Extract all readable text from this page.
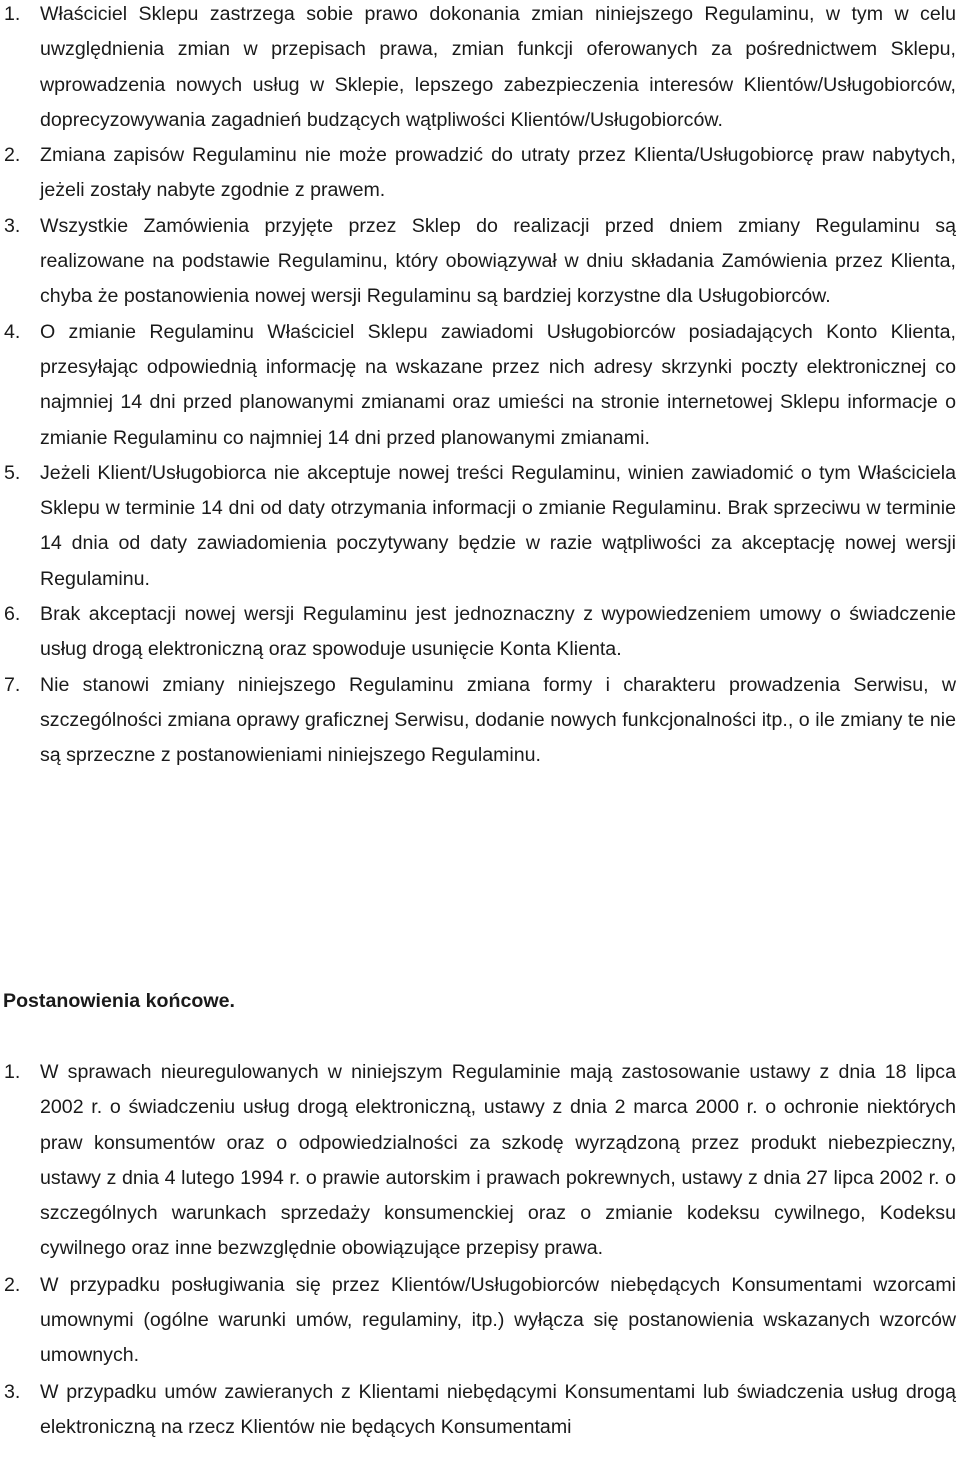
1. Właściciel Sklepu zastrzega sobie prawo dokonania zmian niniejszego Regulaminu, w tym w celu uwzględnienia zmian w przepisach prawa, zmian funkcji oferowanych za pośrednictwem Sklepu, wprowadzenia nowych usług w Sklepie, lepszego zabezpieczenia interesów Klientów/Usługobiorców, doprecyzowywania zagadnień budzących wątpliwości Klientów/Usługobiorców.
2. Zmiana zapisów Regulaminu nie może prowadzić do utraty przez Klienta/Usługobiorcę praw nabytych, jeżeli zostały nabyte zgodnie z prawem.
3. Wszystkie Zamówienia przyjęte przez Sklep do realizacji przed dniem zmiany Regulaminu są realizowane na podstawie Regulaminu, który obowiązywał w dniu składania Zamówienia przez Klienta, chyba że postanowienia nowej wersji Regulaminu są bardziej korzystne dla Usługobiorców.
4. O zmianie Regulaminu Właściciel Sklepu zawiadomi Usługobiorców posiadających Konto Klienta, przesyłając odpowiednią informację na wskazane przez nich adresy skrzynki poczty elektronicznej co najmniej 14 dni przed planowanymi zmianami oraz umieści na stronie internetowej Sklepu informacje o zmianie Regulaminu co najmniej 14 dni przed planowanymi zmianami.
5. Jeżeli Klient/Usługobiorca nie akceptuje nowej treści Regulaminu, winien zawiadomić o tym Właściciela Sklepu w terminie 14 dni od daty otrzymania informacji o zmianie Regulaminu. Brak sprzeciwu w terminie 14 dnia od daty zawiadomienia poczytywany będzie w razie wątpliwości za akceptację nowej wersji Regulaminu.
6. Brak akceptacji nowej wersji Regulaminu jest jednoznaczny z wypowiedzeniem umowy o świadczenie usług drogą elektroniczną oraz spowoduje usunięcie Konta Klienta.
7. Nie stanowi zmiany niniejszego Regulaminu zmiana formy i charakteru prowadzenia Serwisu, w szczególności zmiana oprawy graficznej Serwisu, dodanie nowych funkcjonalności itp., o ile zmiany te nie są sprzeczne z postanowieniami niniejszego Regulaminu.
Postanowienia końcowe.
1. W sprawach nieuregulowanych w niniejszym Regulaminie mają zastosowanie ustawy z dnia 18 lipca 2002 r. o świadczeniu usług drogą elektroniczną, ustawy z dnia 2 marca 2000 r. o ochronie niektórych praw konsumentów oraz o odpowiedzialności za szkodę wyrządzoną przez produkt niebezpieczny, ustawy z dnia 4 lutego 1994 r. o prawie autorskim i prawach pokrewnych, ustawy z dnia 27 lipca 2002 r. o szczególnych warunkach sprzedaży konsumenckiej oraz o zmianie kodeksu cywilnego, Kodeksu cywilnego oraz inne bezwzględnie obowiązujące przepisy prawa.
2. W przypadku posługiwania się przez Klientów/Usługobiorców niebędących Konsumentami wzorcami umownymi (ogólne warunki umów, regulaminy, itp.) wyłącza się postanowienia wskazanych wzorców umownych.
3. W przypadku umów zawieranych z Klientami niebędącymi Konsumentami lub świadczenia usług drogą elektroniczną na rzecz Klientów nie będących Konsumentami
